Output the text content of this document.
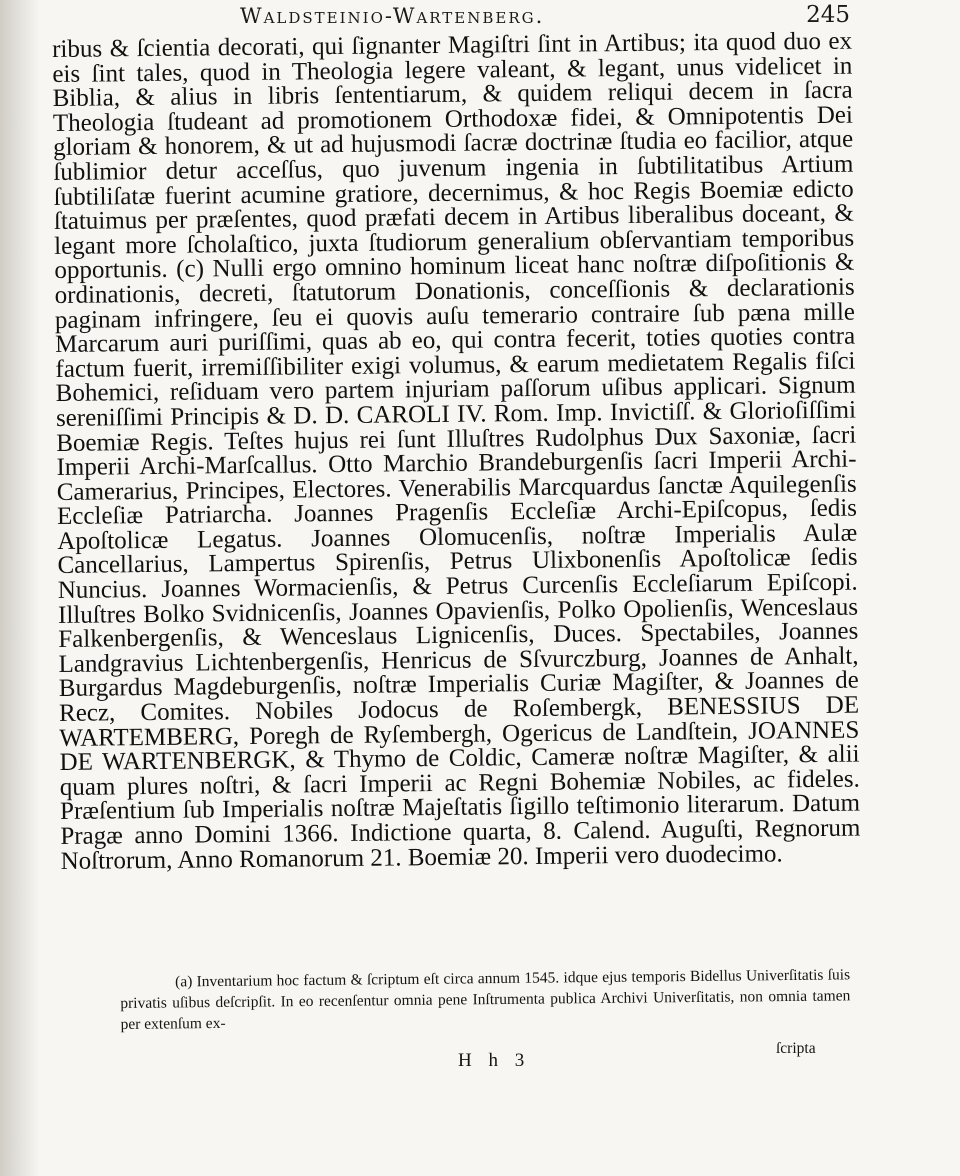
Waldsteinio-Wartenberg.	245

ribus & ſcientia decorati, qui ſignanter Magiſtri ſint in Artibus; ita quod duo ex eis ſint tales, quod in Theologia legere valeant, & legant, unus videlicet in Biblia, & alius in libris ſententiarum, & quidem reliqui decem in ſacra Theologia ſtudeant ad promotionem Orthodoxæ fidei, & Omnipotentis Dei gloriam & honorem, & ut ad hujusmodi ſacræ doctrinæ ſtudia eo facilior, atque ſublimior detur acceſſus, quo juvenum ingenia in ſubtilitatibus Artium ſubtiliſatæ fuerint acumine gratiore, decernimus, & hoc Regis Boemiæ edicto ſtatuimus per præſentes, quod præfati decem in Artibus liberalibus doceant, & legant more ſcholaſtico, juxta ſtudiorum generalium obſervantiam temporibus opportunis. (c) Nulli ergo omnino hominum liceat hanc noſtræ diſpoſitionis & ordinationis, decreti, ſtatutorum Donationis, conceſſionis & declarationis paginam infringere, ſeu ei quovis auſu temerario contraire ſub pæna mille Marcarum auri puriſſimi, quas ab eo, qui contra fecerit, toties quoties contra factum fuerit, irremiſſibiliter exigi volumus, & earum medietatem Regalis fiſci Bohemici, reſiduam vero partem injuriam paſſorum uſibus applicari. Signum sereniſſimi Principis & D. D. CAROLI IV. Rom. Imp. Invictiſſ. & Glorioſiſſimi Boemiæ Regis. Teſtes hujus rei ſunt Illuſtres Rudolphus Dux Saxoniæ, ſacri Imperii Archi-Marſcallus. Otto Marchio Brandeburgenſis ſacri Imperii Archi-Camerarius, Principes, Electores. Venerabilis Marcquardus ſanctæ Aquilegenſis Eccleſiæ Patriarcha. Joannes Pragenſis Eccleſiæ Archi-Epiſcopus, ſedis Apoſtolicæ Legatus. Joannes Olomucenſis, noſtræ Imperialis Aulæ Cancellarius, Lampertus Spirenſis, Petrus Ulixbonenſis Apoſtolicæ ſedis Nuncius. Joannes Wormacienſis, & Petrus Curcenſis Eccleſiarum Epiſcopi. Illuſtres Bolko Svidnicenſis, Joannes Opavienſis, Polko Opolienſis, Wenceslaus Falkenbergenſis, & Wenceslaus Lignicenſis, Duces. Spectabiles, Joannes Landgravius Lichtenbergenſis, Henricus de Sſvurczburg, Joannes de Anhalt, Burgardus Magdeburgenſis, noſtræ Imperialis Curiæ Magiſter, & Joannes de Recz, Comites. Nobiles Jodocus de Roſembergk, BENESSIUS DE WARTEMBERG, Poregh de Ryſembergh, Ogericus de Landſtein, JOANNES DE WARTENBERGK, & Thymo de Coldic, Cameræ noſtræ Magiſter, & alii quam plures noſtri, & ſacri Imperii ac Regni Bohemiæ Nobiles, ac fideles. Præſentium ſub Imperialis noſtræ Majeſtatis ſigillo teſtimonio literarum. Datum Pragæ anno Domini 1366. Indictione quarta, 8. Calend. Auguſti, Regnorum Noſtrorum, Anno Romanorum 21. Boemiæ 20. Imperii vero duodecimo.

(a) Inventarium hoc factum & ſcriptum eſt circa annum 1545. idque ejus temporis Bidellus Univerſitatis ſuis privatis uſibus deſcripſit. In eo recenſentur omnia pene Inſtrumenta publica Archivi Univerſitatis, non omnia tamen per extenſum ex-

H h 3
ſcripta
